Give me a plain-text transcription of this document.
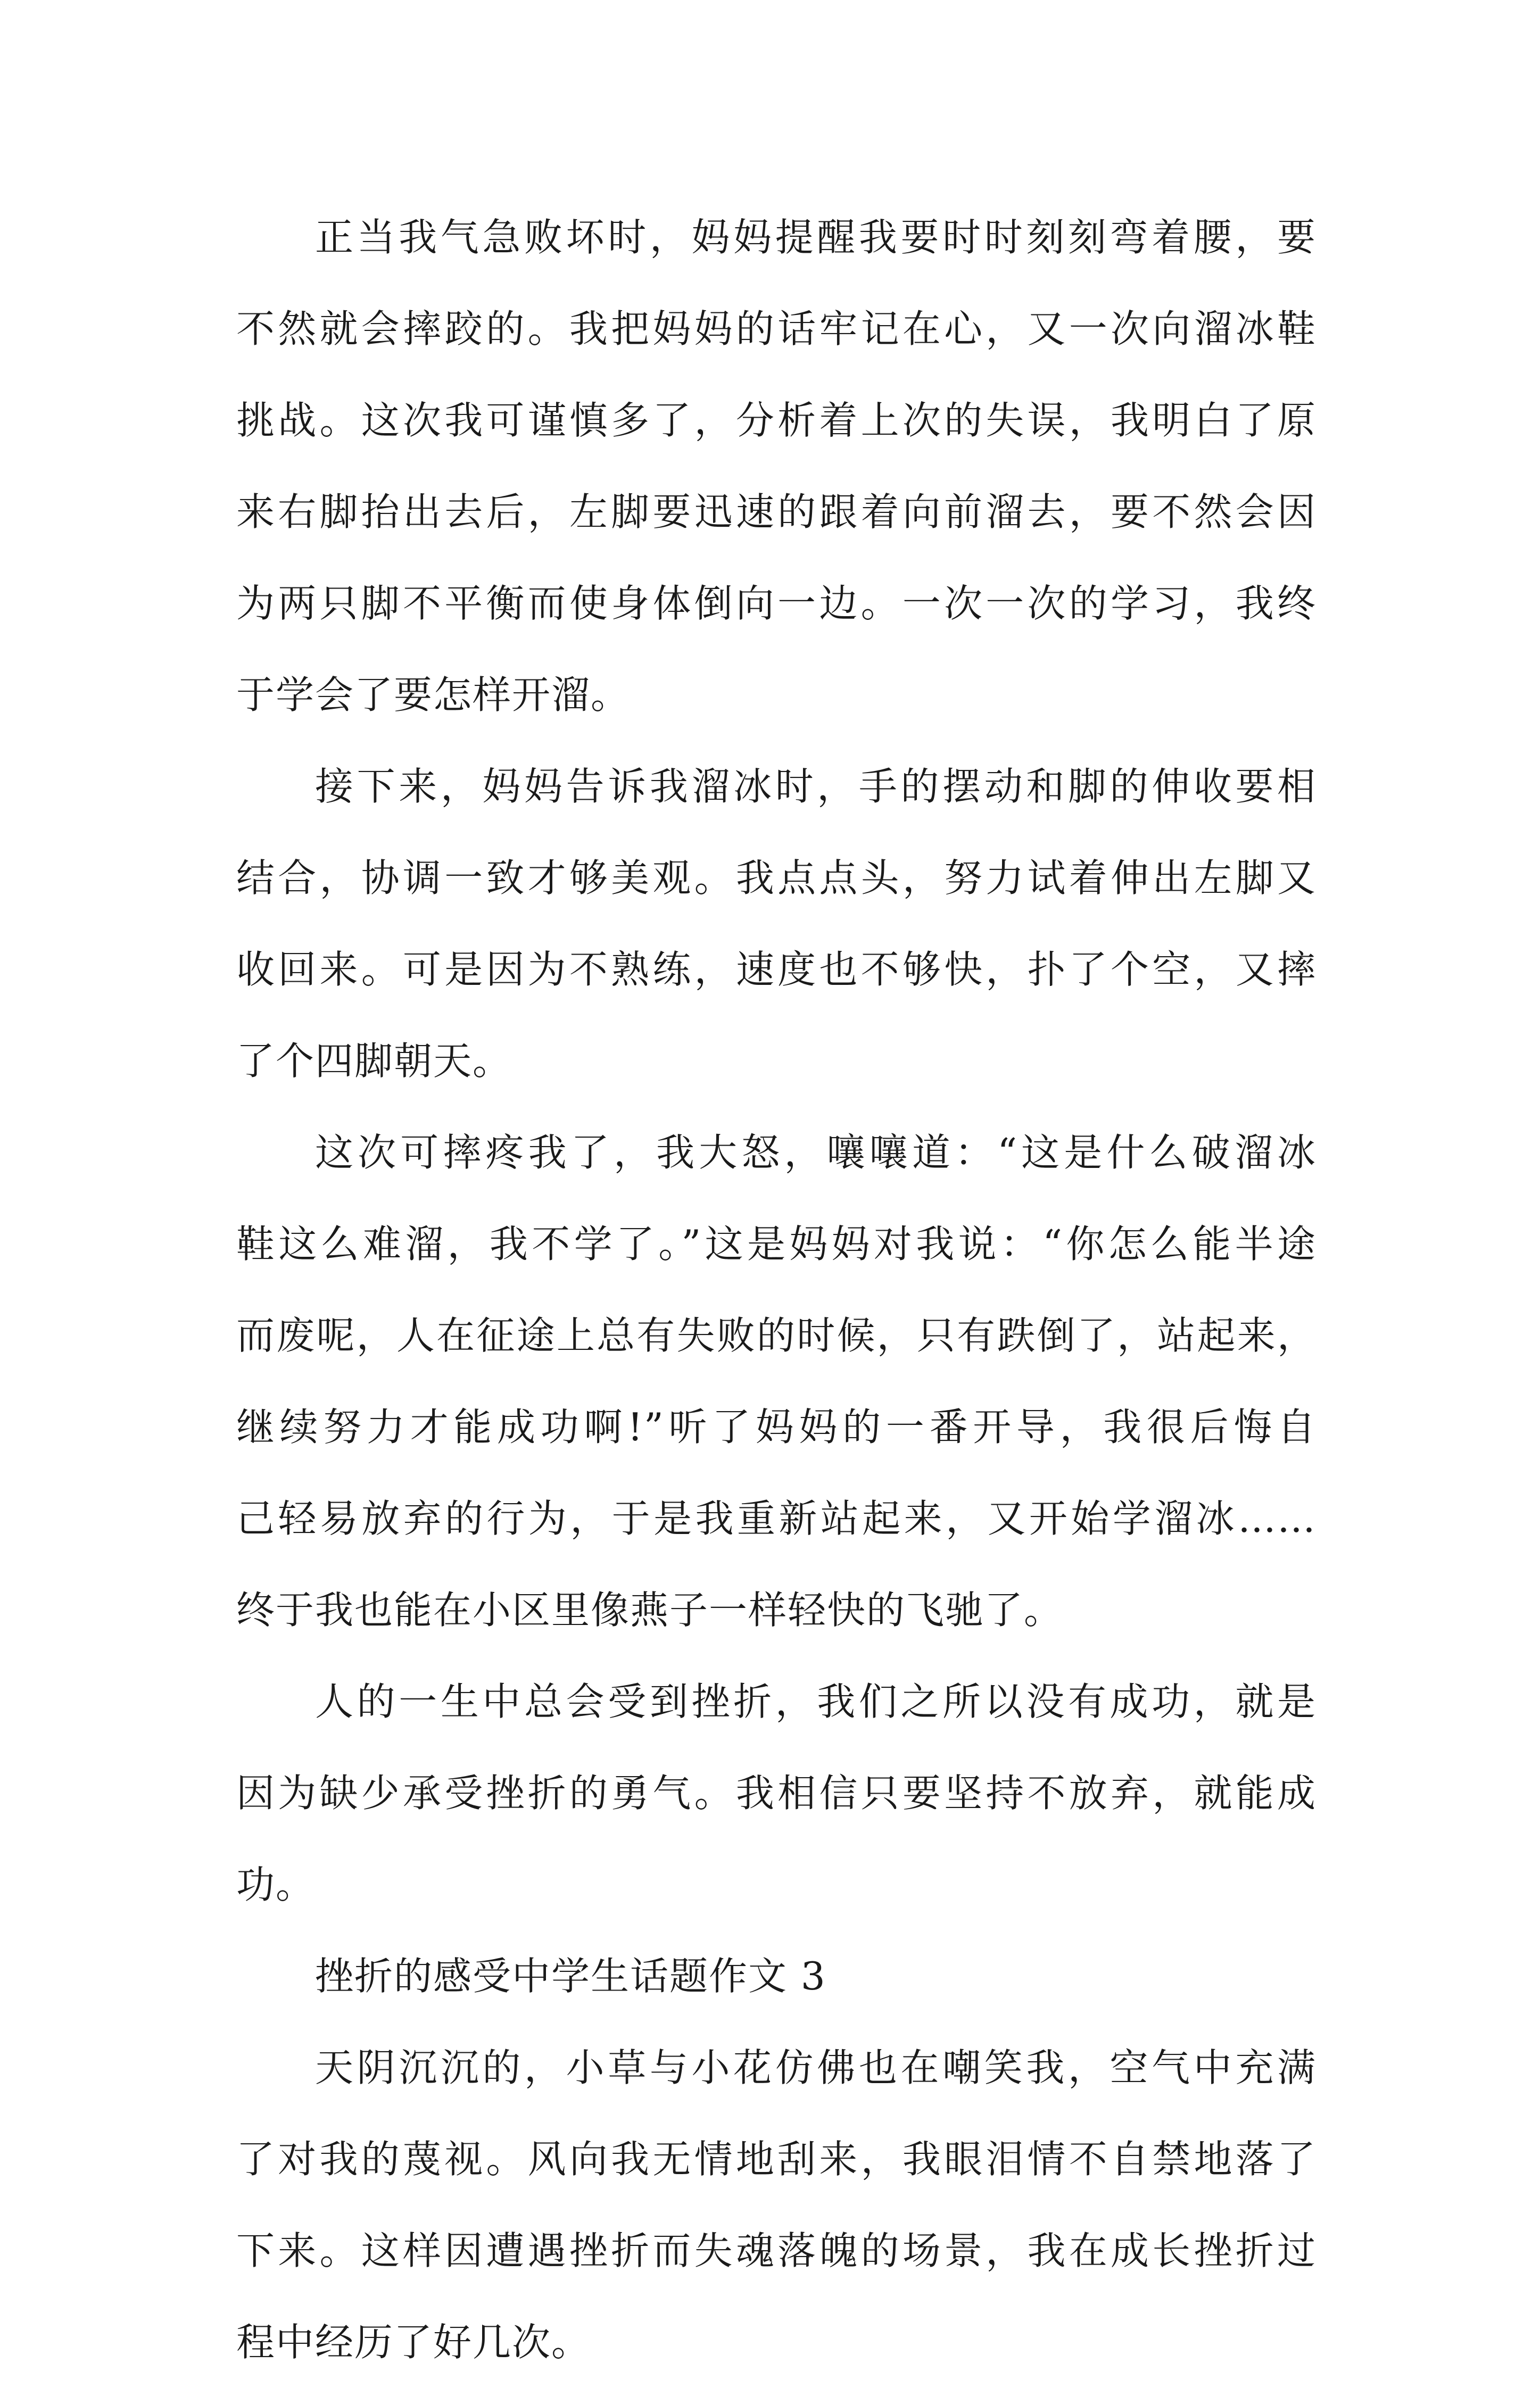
正当我气急败坏时，妈妈提醒我要时时刻刻弯着腰，要
不然就会摔跤的。我把妈妈的话牢记在心，又一次向溜冰鞋
挑战。这次我可谨慎多了，分析着上次的失误，我明白了原
来右脚抬出去后，左脚要迅速的跟着向前溜去，要不然会因
为两只脚不平衡而使身体倒向一边。一次一次的学习，我终
于学会了要怎样开溜。
接下来，妈妈告诉我溜冰时，手的摆动和脚的伸收要相
结合，协调一致才够美观。我点点头，努力试着伸出左脚又
收回来。可是因为不熟练，速度也不够快，扑了个空，又摔
了个四脚朝天。
这次可摔疼我了，我大怒，嚷嚷道：“这是什么破溜冰
鞋这么难溜，我不学了。”这是妈妈对我说：“你怎么能半途
而废呢，人在征途上总有失败的时候，只有跌倒了，站起来，
继续努力才能成功啊!”听了妈妈的一番开导，我很后悔自
己轻易放弃的行为，于是我重新站起来，又开始学溜冰……
终于我也能在小区里像燕子一样轻快的飞驰了。
人的一生中总会受到挫折，我们之所以没有成功，就是
因为缺少承受挫折的勇气。我相信只要坚持不放弃，就能成
功。
挫折的感受中学生话题作文 3
天阴沉沉的，小草与小花仿佛也在嘲笑我，空气中充满
了对我的蔑视。风向我无情地刮来，我眼泪情不自禁地落了
下来。这样因遭遇挫折而失魂落魄的场景，我在成长挫折过
程中经历了好几次。
